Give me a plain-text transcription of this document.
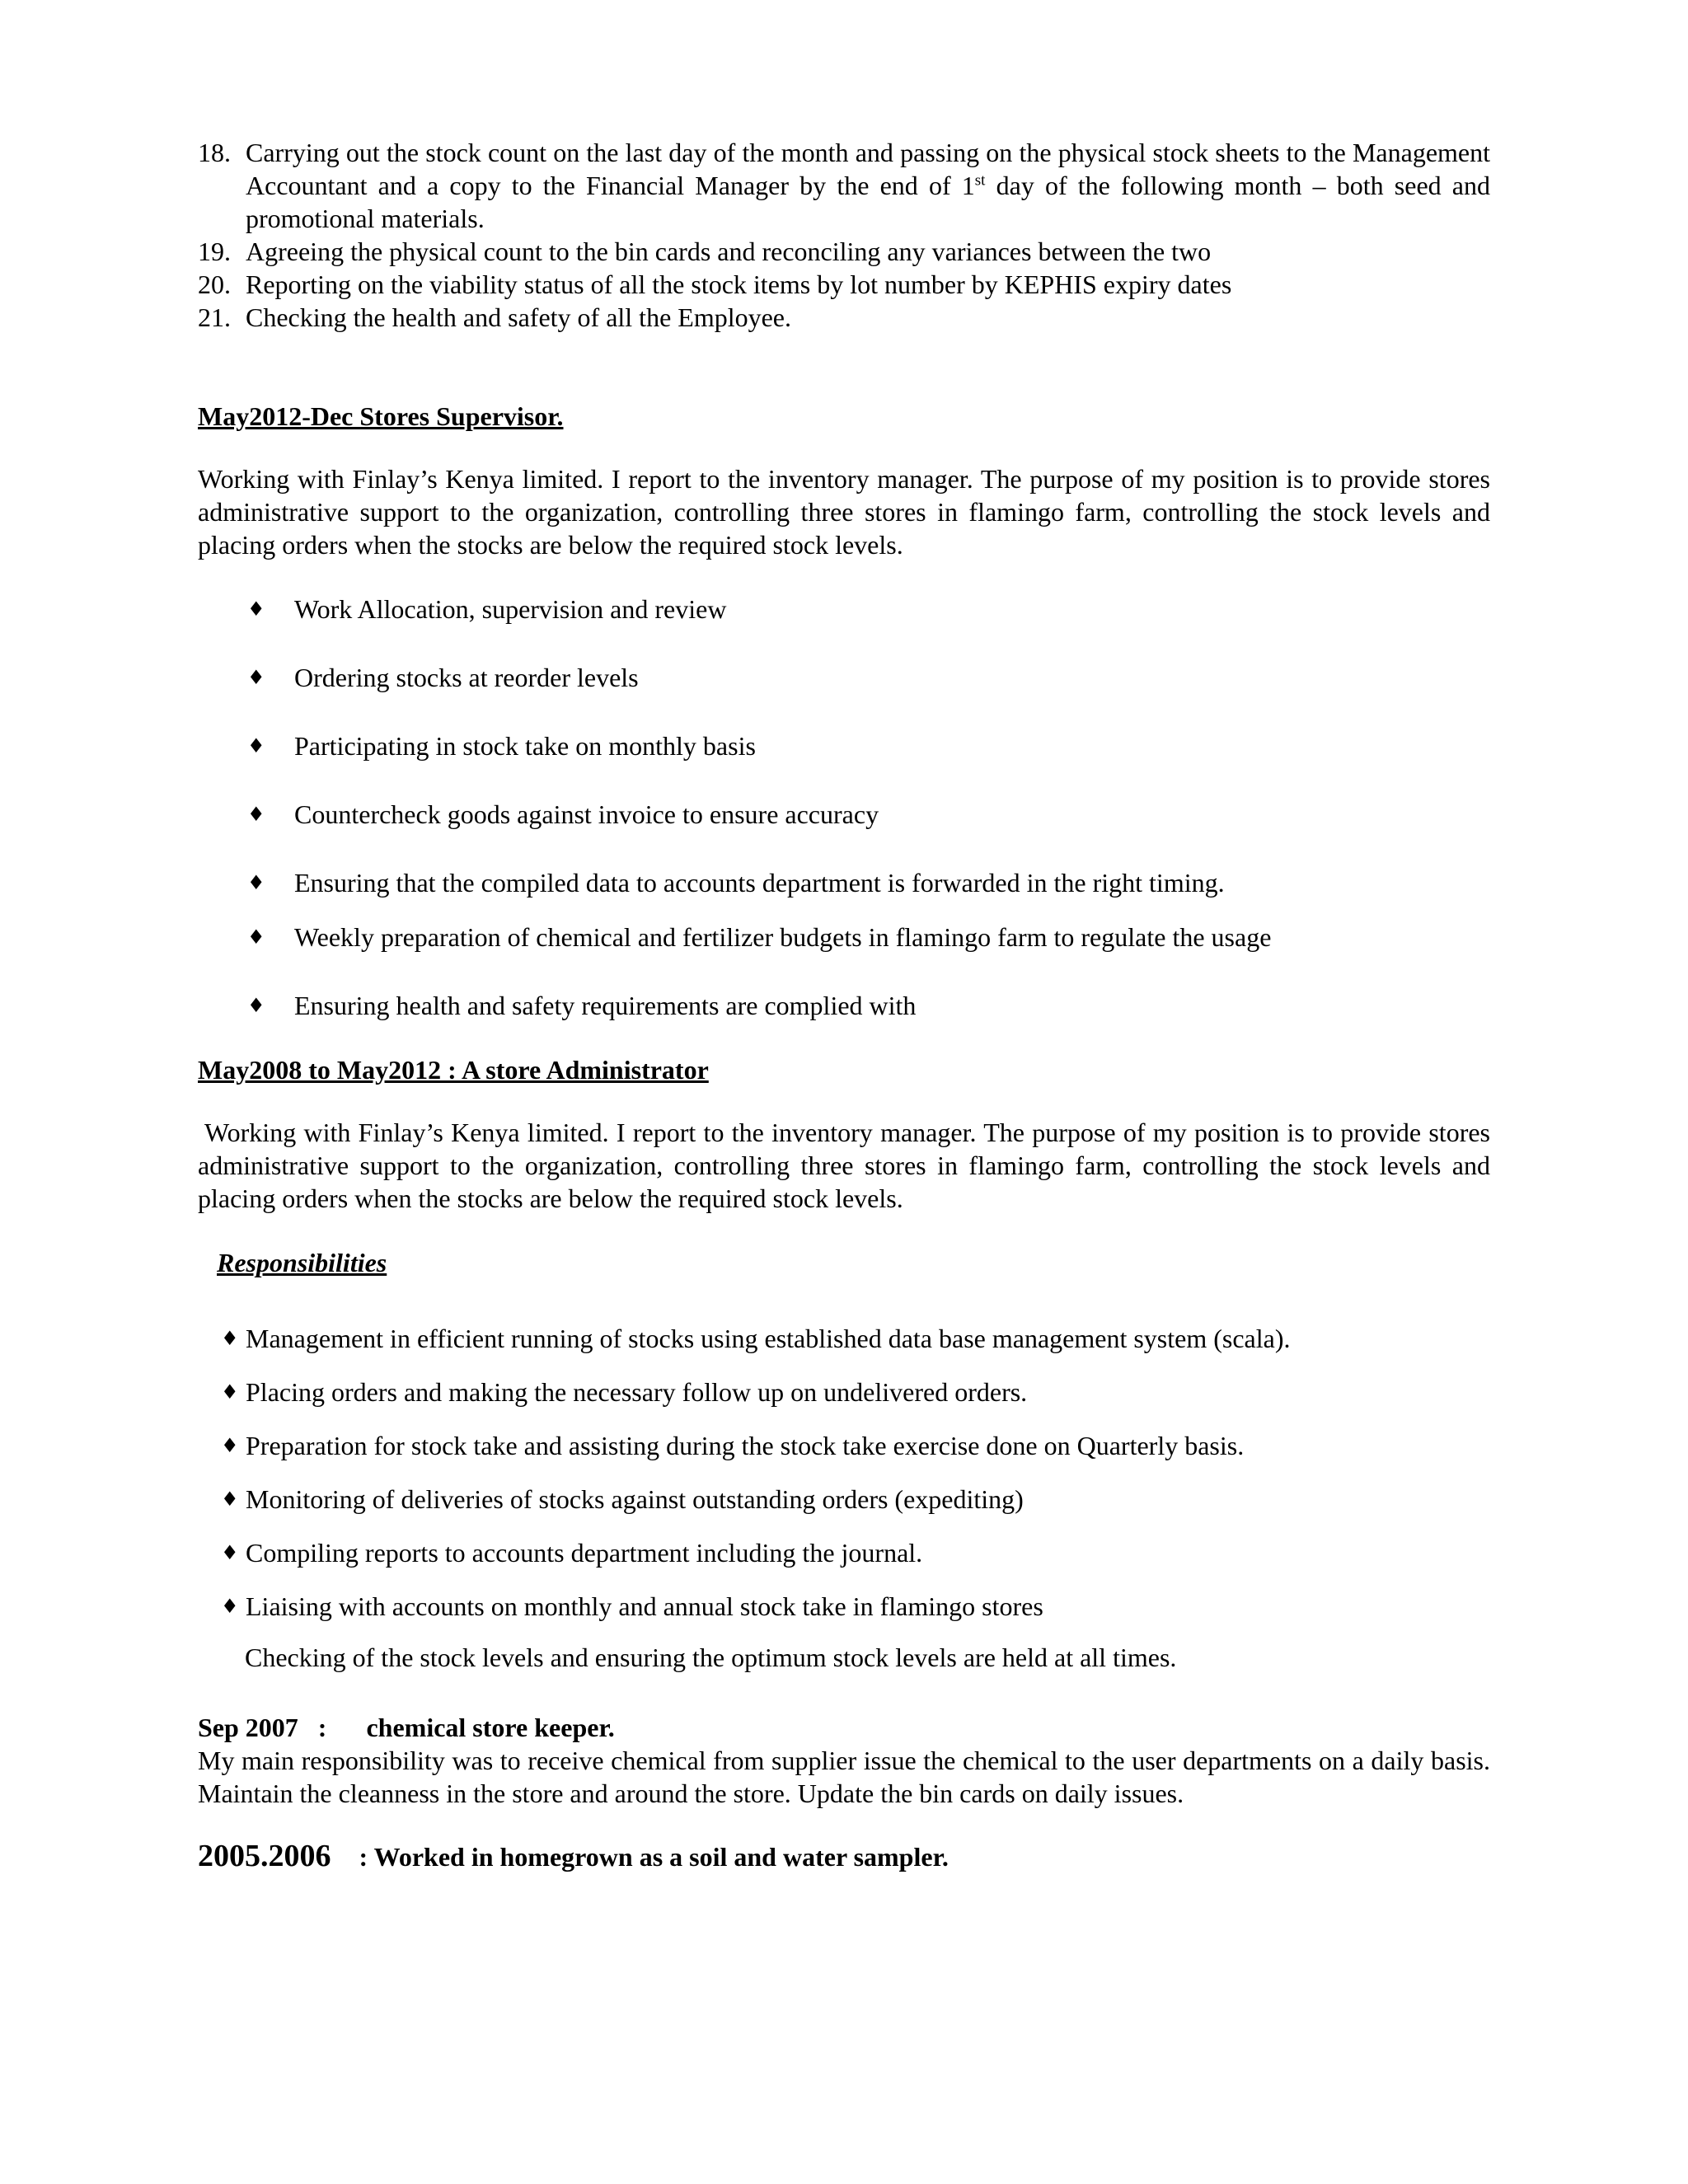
18. Carrying out the stock count on the last day of the month and passing on the physical stock sheets to the Management Accountant and a copy to the Financial Manager by the end of 1st day of the following month – both seed and promotional materials.
19. Agreeing the physical count to the bin cards and reconciling any variances between the two
20. Reporting on the viability status of all the stock items by lot number by KEPHIS expiry dates
21. Checking the health and safety of all the Employee.

May2012-Dec Stores Supervisor.

Working with Finlay’s Kenya limited. I report to the inventory manager. The purpose of my position is to provide stores administrative support to the organization, controlling three stores in flamingo farm, controlling the stock levels and placing orders when the stocks are below the required stock levels.

♦ Work Allocation, supervision and review
♦ Ordering stocks at reorder levels
♦ Participating in stock take on monthly basis
♦ Countercheck goods against invoice to ensure accuracy
♦ Ensuring that the compiled data to accounts department is forwarded in the right timing.
♦ Weekly preparation of chemical and fertilizer budgets in flamingo farm to regulate the usage
♦ Ensuring health and safety requirements are complied with

May2008 to May2012 : A store Administrator

Working with Finlay’s Kenya limited. I report to the inventory manager. The purpose of my position is to provide stores administrative support to the organization, controlling three stores in flamingo farm, controlling the stock levels and placing orders when the stocks are below the required stock levels.

Responsibilities

♦ Management in efficient running of stocks using established data base management system (scala).
♦ Placing orders and making the necessary follow up on undelivered orders.
♦ Preparation for stock take and assisting during the stock take exercise done on Quarterly basis.
♦ Monitoring of deliveries of stocks against outstanding orders (expediting)
♦ Compiling reports to accounts department including the journal.
♦ Liaising with accounts on monthly and annual stock take in flamingo stores

Checking of the stock levels and ensuring the optimum stock levels are held at all times.

Sep 2007 : chemical store keeper.

My main responsibility was to receive chemical from supplier issue the chemical to the user departments on a daily basis. Maintain the cleanness in the store and around the store. Update the bin cards on daily issues.

2005.2006 : Worked in homegrown as a soil and water sampler.
